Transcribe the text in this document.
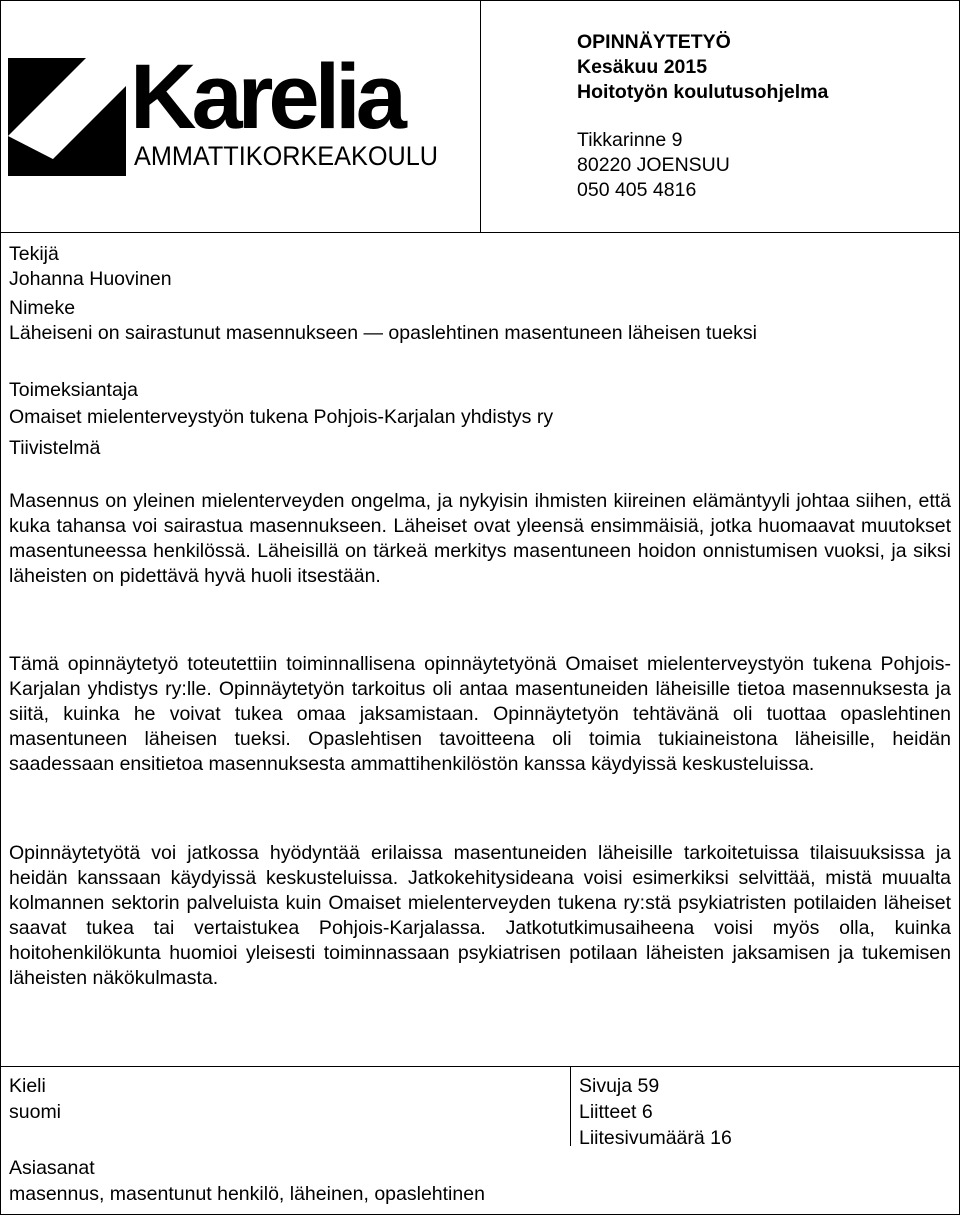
Karelia
AMMATTIKORKEAKOULU
OPINNÄYTETYÖ
Kesäkuu 2015
Hoitotyön koulutusohjelma
Tikkarinne 9
80220 JOENSUU
050 405 4816
Tekijä
Johanna Huovinen
Nimeke
Läheiseni on sairastunut masennukseen — opaslehtinen masentuneen läheisen tueksi
Toimeksiantaja
Omaiset mielenterveystyön tukena Pohjois-Karjalan yhdistys ry
Tiivistelmä
Masennus on yleinen mielenterveyden ongelma, ja nykyisin ihmisten kiireinen elämäntyyli johtaa siihen, että kuka tahansa voi sairastua masennukseen. Läheiset ovat yleensä ensimmäisiä, jotka huomaavat muutokset masentuneessa henkilössä. Läheisillä on tärkeä merkitys masentuneen hoidon onnistumisen vuoksi, ja siksi läheisten on pidettävä hyvä huoli itsestään.
Tämä opinnäytetyö toteutettiin toiminnallisena opinnäytetyönä Omaiset mielenterveystyön tukena Pohjois-Karjalan yhdistys ry:lle. Opinnäytetyön tarkoitus oli antaa masentuneiden läheisille tietoa masennuksesta ja siitä, kuinka he voivat tukea omaa jaksamistaan. Opinnäytetyön tehtävänä oli tuottaa opaslehtinen masentuneen läheisen tueksi. Opaslehtisen tavoitteena oli toimia tukiaineistona läheisille, heidän saadessaan ensitietoa masennuksesta ammattihenkilöstön kanssa käydyissä keskusteluissa.
Opinnäytetyötä voi jatkossa hyödyntää erilaissa masentuneiden läheisille tarkoitetuissa tilaisuuksissa ja heidän kanssaan käydyissä keskusteluissa. Jatkokehitysideana voisi esimerkiksi selvittää, mistä muualta kolmannen sektorin palveluista kuin Omaiset mielenterveyden tukena ry:stä psykiatristen potilaiden läheiset saavat tukea tai vertaistukea Pohjois-Karjalassa. Jatkotutkimusaiheena voisi myös olla, kuinka hoitohenkilökunta huomioi yleisesti toiminnassaan psykiatrisen potilaan läheisten jaksamisen ja tukemisen läheisten näkökulmasta.
Kieli
suomi
Sivuja 59
Liitteet 6
Liitesivumäärä 16
Asiasanat
masennus, masentunut henkilö, läheinen, opaslehtinen
